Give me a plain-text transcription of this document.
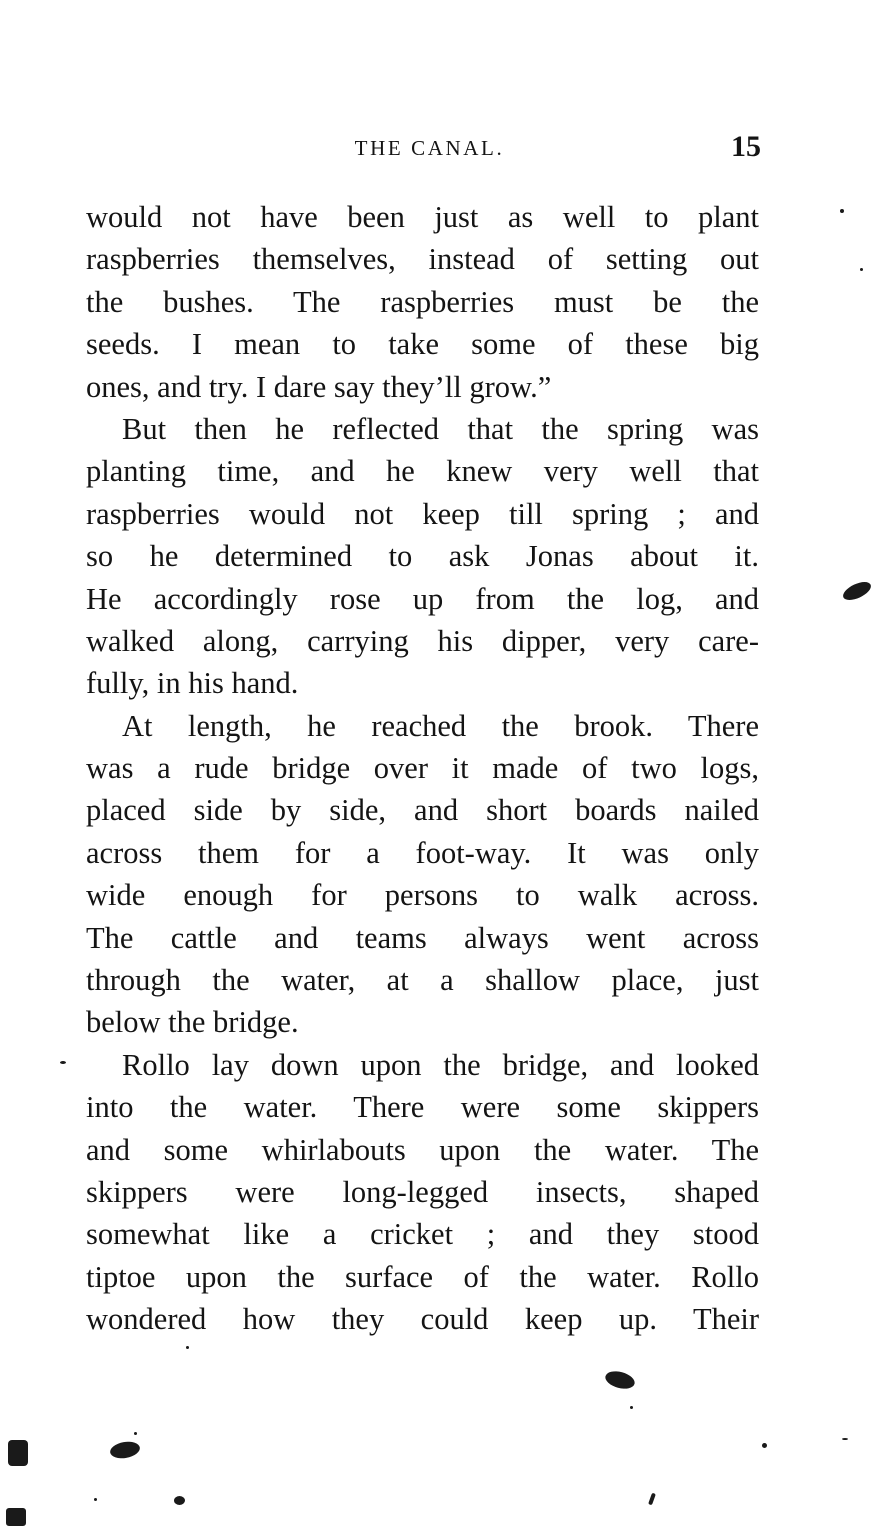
THE CANAL.	15
would not have been just as well to plant
raspberries themselves, instead of setting out
the bushes. The raspberries must be the
seeds. I mean to take some of these big
ones, and try. I dare say they’ll grow.”
But then he reflected that the spring was
planting time, and he knew very well that
raspberries would not keep till spring ; and
so he determined to ask Jonas about it.
He accordingly rose up from the log, and
walked along, carrying his dipper, very care-
fully, in his hand.
At length, he reached the brook. There
was a rude bridge over it made of two logs,
placed side by side, and short boards nailed
across them for a foot-way. It was only
wide enough for persons to walk across.
The cattle and teams always went across
through the water, at a shallow place, just
below the bridge.
Rollo lay down upon the bridge, and looked
into the water. There were some skippers
and some whirlabouts upon the water. The
skippers were long-legged insects, shaped
somewhat like a cricket ; and they stood
tiptoe upon the surface of the water. Rollo
wondered how they could keep up. Their
